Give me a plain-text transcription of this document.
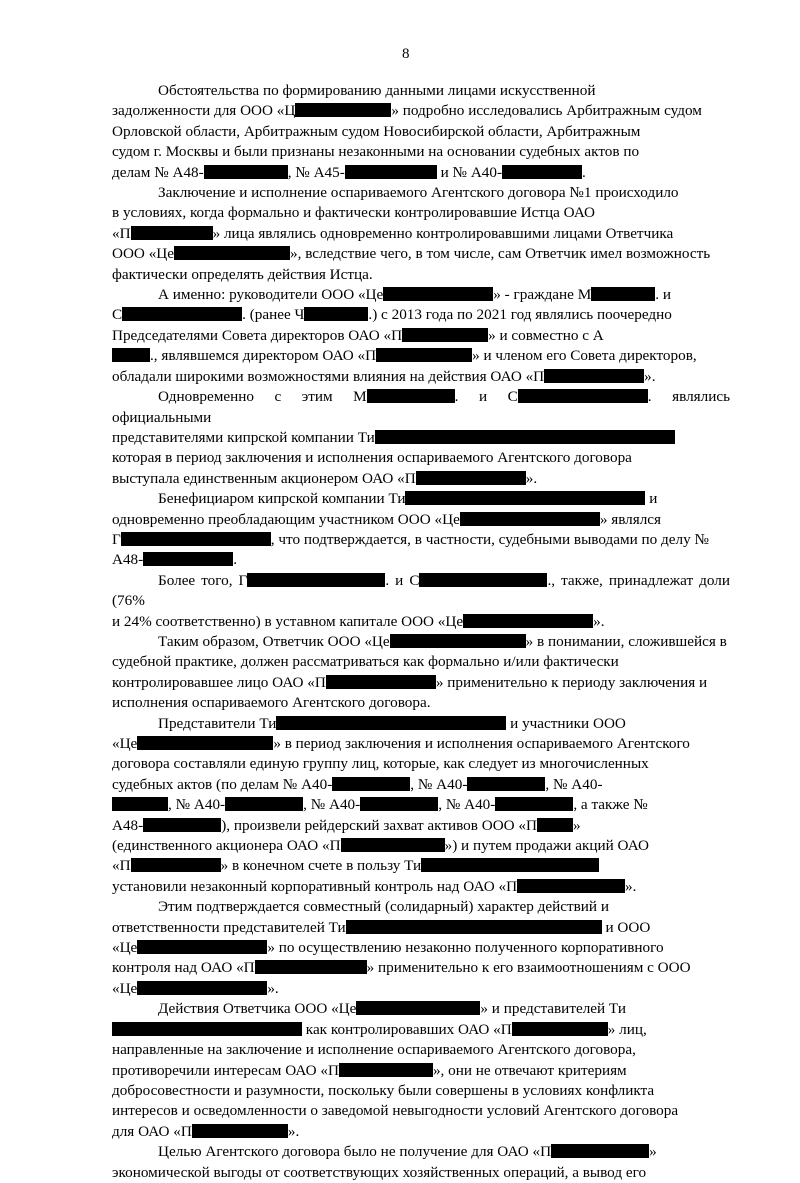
8
Обстоятельства по формированию данными лицами искусственной
задолженности для ООО «Ц	» подробно исследовались Арбитражным судом
Орловской области, Арбитражным судом Новосибирской области, Арбитражным
судом г. Москвы и были признаны незаконными на основании судебных актов по
делам № А48-	, № А45-	и № А40-	.
Заключение и исполнение оспариваемого Агентского договора №1 происходило
в условиях, когда формально и фактически контролировавшие Истца ОАО
«П	» лица являлись одновременно контролировавшими лицами Ответчика
ООО «Це	», вследствие чего, в том числе, сам Ответчик имел возможность
фактически определять действия Истца.
А именно: руководители ООО «Це	» - граждане М	. и
С	. (ранее Ч	.) с 2013 года по 2021 год являлись поочередно
Председателями Совета директоров ОАО «П	» и совместно с А
., являвшемся директором ОАО «П	» и членом его Совета директоров,
обладали широкими возможностями влияния на действия ОАО «П	».
Одновременно с этим М	. и С	. являлись официальными
представителями кипрской компании Ти
которая в период заключения и исполнения оспариваемого Агентского договора
выступала единственным акционером ОАО «П	».
Бенефициаром кипрской компании Ти	и
одновременно преобладающим участником ООО «Це	» являлся
Г	, что подтверждается, в частности, судебными выводами по делу №
А48-	.
Более того, Г	. и С	., также, принадлежат доли (76%
и 24% соответственно) в уставном капитале ООО «Це	».
Таким образом, Ответчик ООО «Це	» в понимании, сложившейся в
судебной практике, должен рассматриваться как формально и/или фактически
контролировавшее лицо ОАО «П	» применительно к периоду заключения и
исполнения оспариваемого Агентского договора.
Представители Ти	и участники ООО
«Це	» в период заключения и исполнения оспариваемого Агентского
договора составляли единую группу лиц, которые, как следует из многочисленных
судебных актов (по делам № А40-	, № А40-	, № А40-
, № А40-	, № А40-	, № А40-	, а также №
А48-	), произвели рейдерский захват активов ООО «П »
(единственного акционера ОАО «П	») и путем продажи акций ОАО
«П	» в конечном счете в пользу Ти
установили незаконный корпоративный контроль над ОАО «П	».
Этим подтверждается совместный (солидарный) характер действий и
ответственности представителей Ти	и ООО
«Це	» по осуществлению незаконно полученного корпоративного
контроля над ОАО «П	» применительно к его взаимоотношениям с ООО
«Це	».
Действия Ответчика ООО «Це	» и представителей Ти
как контролировавших ОАО «П	» лиц,
направленные на заключение и исполнение оспариваемого Агентского договора,
противоречили интересам ОАО «П	», они не отвечают критериям
добросовестности и разумности, поскольку были совершены в условиях конфликта
интересов и осведомленности о заведомой невыгодности условий Агентского договора
для ОАО «П	».
Целью Агентского договора было не получение для ОАО «П	»
экономической выгоды от соответствующих хозяйственных операций, а вывод его
